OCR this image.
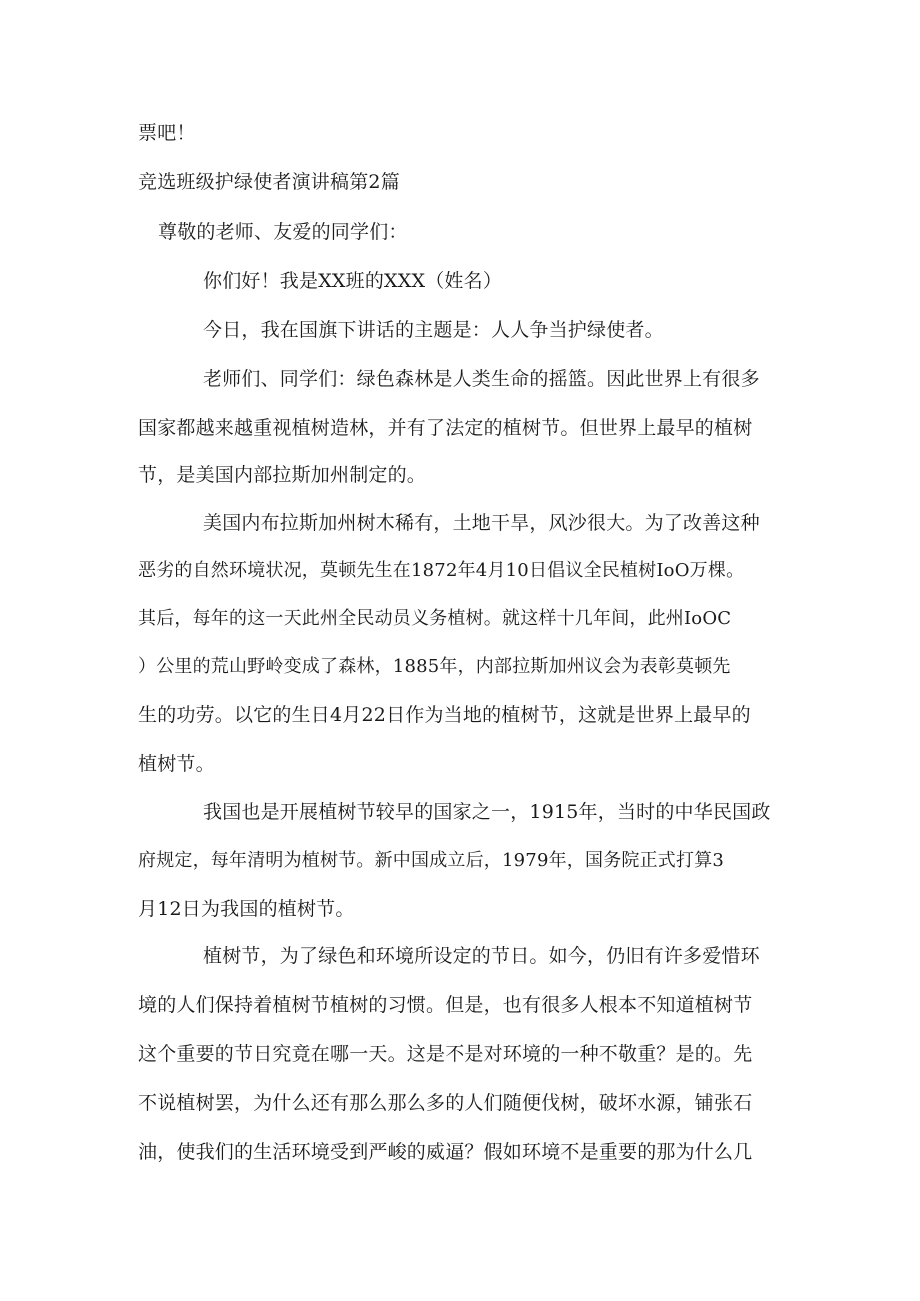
票吧！
竞选班级护绿使者演讲稿第2篇
尊敬的老师、友爱的同学们：
你们好！我是XX班的XXX（姓名）
今日，我在国旗下讲话的主题是：人人争当护绿使者。
老师们、同学们：绿色森林是人类生命的摇篮。因此世界上有很多
国家都越来越重视植树造林，并有了法定的植树节。但世界上最早的植树
节，是美国内部拉斯加州制定的。
美国内布拉斯加州树木稀有，土地干旱，风沙很大。为了改善这种
恶劣的自然环境状况，莫顿先生在1872年4月10日倡议全民植树IoO万棵。
其后，每年的这一天此州全民动员义务植树。就这样十几年间，此州IoOC
）公里的荒山野岭变成了森林，1885年，内部拉斯加州议会为表彰莫顿先
生的功劳。以它的生日4月22日作为当地的植树节，这就是世界上最早的
植树节。
我国也是开展植树节较早的国家之一，1915年，当时的中华民国政
府规定，每年清明为植树节。新中国成立后，1979年，国务院正式打算3
月12日为我国的植树节。
植树节，为了绿色和环境所设定的节日。如今，仍旧有许多爱惜环
境的人们保持着植树节植树的习惯。但是，也有很多人根本不知道植树节
这个重要的节日究竟在哪一天。这是不是对环境的一种不敬重？是的。先
不说植树罢，为什么还有那么那么多的人们随便伐树，破坏水源，铺张石
油，使我们的生活环境受到严峻的威逼？假如环境不是重要的那为什么几
